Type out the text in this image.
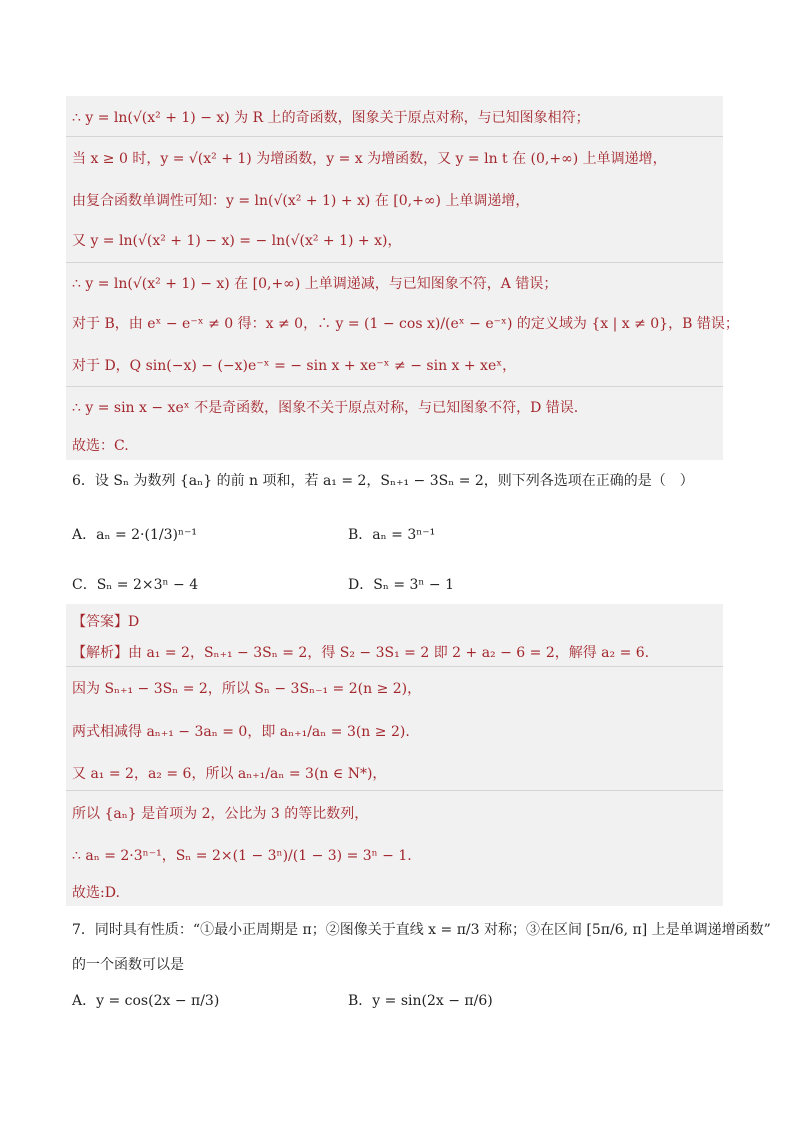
∴ y = ln(√(x² + 1) − x) 为 R 上的奇函数，图象关于原点对称，与已知图象相符；
当 x ≥ 0 时，y = √(x² + 1) 为增函数，y = x 为增函数，又 y = ln t 在 (0,+∞) 上单调递增，
由复合函数单调性可知：y = ln(√(x² + 1) + x) 在 [0,+∞) 上单调递增，
又 y = ln(√(x² + 1) − x) = − ln(√(x² + 1) + x)，
∴ y = ln(√(x² + 1) − x) 在 [0,+∞) 上单调递减，与已知图象不符，A 错误；
对于 B，由 eˣ − e⁻ˣ ≠ 0 得：x ≠ 0，∴ y = (1 − cos x)/(eˣ − e⁻ˣ) 的定义域为 {x | x ≠ 0}，B 错误；
对于 D，Q sin(−x) − (−x)e⁻ˣ = − sin x + xe⁻ˣ ≠ − sin x + xeˣ，
∴ y = sin x − xeˣ 不是奇函数，图象不关于原点对称，与已知图象不符，D 错误.
故选：C.
6．设 Sₙ 为数列 {aₙ} 的前 n 项和，若 a₁ = 2，Sₙ₊₁ − 3Sₙ = 2，则下列各选项在正确的是（　）
A．aₙ = 2·(1/3)ⁿ⁻¹	B．aₙ = 3ⁿ⁻¹
C．Sₙ = 2×3ⁿ − 4	D．Sₙ = 3ⁿ − 1
【答案】D
【解析】由 a₁ = 2，Sₙ₊₁ − 3Sₙ = 2，得 S₂ − 3S₁ = 2 即 2 + a₂ − 6 = 2，解得 a₂ = 6.
因为 Sₙ₊₁ − 3Sₙ = 2，所以 Sₙ − 3Sₙ₋₁ = 2(n ≥ 2)，
两式相减得 aₙ₊₁ − 3aₙ = 0，即 aₙ₊₁/aₙ = 3(n ≥ 2).
又 a₁ = 2，a₂ = 6，所以 aₙ₊₁/aₙ = 3(n ∈ N*)，
所以 {aₙ} 是首项为 2，公比为 3 的等比数列，
∴ aₙ = 2·3ⁿ⁻¹，Sₙ = 2×(1 − 3ⁿ)/(1 − 3) = 3ⁿ − 1.
故选:D.
7．同时具有性质：“①最小正周期是 π；②图像关于直线 x = π/3 对称；③在区间 [5π/6, π] 上是单调递增函数”
的一个函数可以是
A．y = cos(2x − π/3)	B．y = sin(2x − π/6)
